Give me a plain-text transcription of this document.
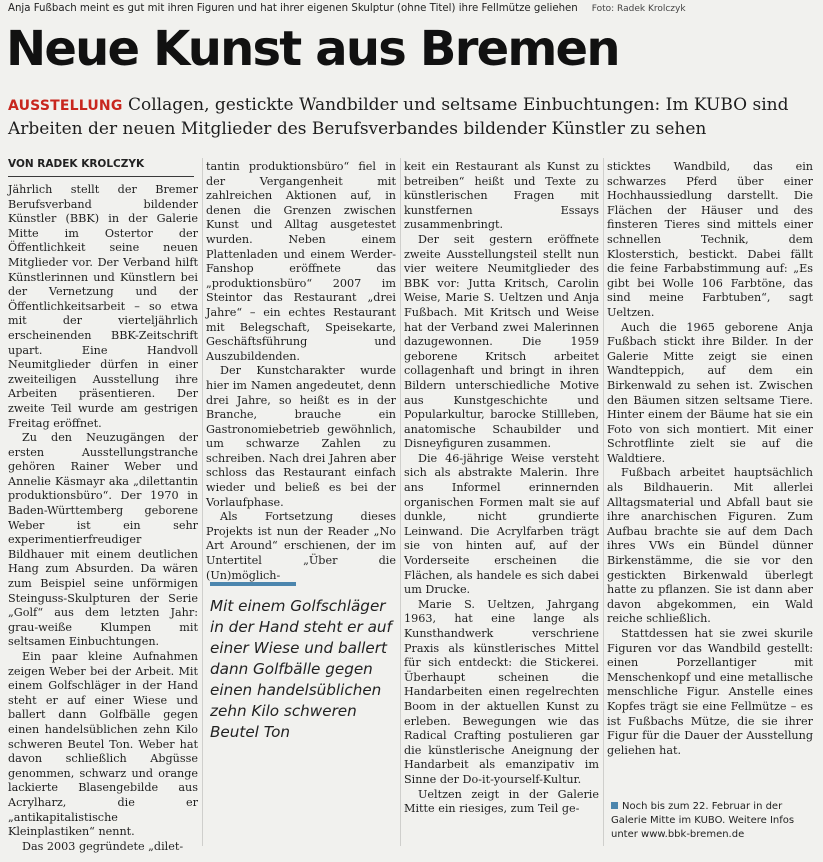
Anja Fußbach meint es gut mit ihren Figuren und hat ihrer eigenen Skulptur (ohne Titel) ihre Fellmütze geliehen Foto: Radek Krolczyk
Neue Kunst aus Bremen
AUSSTELLUNG Collagen, gestickte Wandbilder und seltsame Einbuchtungen: Im KUBO sind Arbeiten der neuen Mitglieder des Berufsverbandes bildender Künstler zu sehen
VON RADEK KROLCZYK

Jährlich stellt der Bremer Berufsverband bildender Künstler (BBK) in der Galerie Mitte im Ostertor der Öffentlichkeit seine neuen Mitglieder vor. Der Verband hilft Künstlerinnen und Künstlern bei der Vernetzung und der Öffentlichkeitsarbeit – so etwa mit der vierteljährlich erscheinenden BBK-Zeitschrift upart. Eine Handvoll Neumitglieder dürfen in einer zweiteiligen Ausstellung ihre Arbeiten präsentieren. Der zweite Teil wurde am gestrigen Freitag eröffnet.

Zu den Neuzugängen der ersten Ausstellungstranche gehören Rainer Weber und Annelie Käsmayr aka „dilettantin produktionsbüro“. Der 1970 in Baden-Württemberg geborene Weber ist ein sehr experimentierfreudiger Bildhauer mit einem deutlichen Hang zum Absurden. Da wären zum Beispiel seine unförmigen Steinguss-Skulpturen der Serie „Golf“ aus dem letzten Jahr: grau-weiße Klumpen mit seltsamen Einbuchtungen.

Ein paar kleine Aufnahmen zeigen Weber bei der Arbeit. Mit einem Golfschläger in der Hand steht er auf einer Wiese und ballert dann Golfbälle gegen einen handelsüblichen zehn Kilo schweren Beutel Ton. Weber hat davon schließlich Abgüsse genommen, schwarz und orange lackierte Blasengebilde aus Acrylharz, die er „antikapitalistische Kleinplastiken“ nennt.

Das 2003 gegründete „dilet-

tantin produktionsbüro“ fiel in der Vergangenheit mit zahlreichen Aktionen auf, in denen die Grenzen zwischen Kunst und Alltag ausgetestet wurden. Neben einem Plattenladen und einem Werder-Fanshop eröffnete das „produktionsbüro“ 2007 im Steintor das Restaurant „drei Jahre“ – ein echtes Restaurant mit Belegschaft, Speisekarte, Geschäftsführung und Auszubildenden.

Der Kunstcharakter wurde hier im Namen angedeutet, denn drei Jahre, so heißt es in der Branche, brauche ein Gastronomiebetrieb gewöhnlich, um schwarze Zahlen zu schreiben. Nach drei Jahren aber schloss das Restaurant einfach wieder und beließ es bei der Vorlaufphase.

Als Fortsetzung dieses Projekts ist nun der Reader „No Art Around“ erschienen, der im Untertitel „Über die (Un)möglich-

Mit einem Golfschläger in der Hand steht er auf einer Wiese und ballert dann Golfbälle gegen einen handelsüblichen zehn Kilo schweren Beutel Ton

keit ein Restaurant als Kunst zu betreiben“ heißt und Texte zu künstlerischen Fragen mit kunstfernen Essays zusammenbringt.

Der seit gestern eröffnete zweite Ausstellungsteil stellt nun vier weitere Neumitglieder des BBK vor: Jutta Kritsch, Carolin Weise, Marie S. Ueltzen und Anja Fußbach. Mit Kritsch und Weise hat der Verband zwei Malerinnen dazugewonnen. Die 1959 geborene Kritsch arbeitet collagenhaft und bringt in ihren Bildern unterschiedliche Motive aus Kunstgeschichte und Popularkultur, barocke Stillleben, anatomische Schaubilder und Disneyfiguren zusammen.

Die 46-jährige Weise versteht sich als abstrakte Malerin. Ihre ans Informel erinnernden organischen Formen malt sie auf dunkle, nicht grundierte Leinwand. Die Acrylfarben trägt sie von hinten auf, auf der Vorderseite erscheinen die Flächen, als handele es sich dabei um Drucke.

Marie S. Ueltzen, Jahrgang 1963, hat eine lange als Kunsthandwerk verschriene Praxis als künstlerisches Mittel für sich entdeckt: die Stickerei. Überhaupt scheinen die Handarbeiten einen regelrechten Boom in der aktuellen Kunst zu erleben. Bewegungen wie das Radical Crafting postulieren gar die künstlerische Aneignung der Handarbeit als emanzipativ im Sinne der Do-it-yourself-Kultur.

Ueltzen zeigt in der Galerie Mitte ein riesiges, zum Teil ge-

sticktes Wandbild, das ein schwarzes Pferd über einer Hochhaussiedlung darstellt. Die Flächen der Häuser und des finsteren Tieres sind mittels einer schnellen Technik, dem Klosterstich, bestickt. Dabei fällt die feine Farbabstimmung auf: „Es gibt bei Wolle 106 Farbtöne, das sind meine Farbtuben“, sagt Ueltzen.

Auch die 1965 geborene Anja Fußbach stickt ihre Bilder. In der Galerie Mitte zeigt sie einen Wandteppich, auf dem ein Birkenwald zu sehen ist. Zwischen den Bäumen sitzen seltsame Tiere. Hinter einem der Bäume hat sie ein Foto von sich montiert. Mit einer Schrotflinte zielt sie auf die Waldtiere.

Fußbach arbeitet hauptsächlich als Bildhauerin. Mit allerlei Alltagsmaterial und Abfall baut sie ihre anarchischen Figuren. Zum Aufbau brachte sie auf dem Dach ihres VWs ein Bündel dünner Birkenstämme, die sie vor den gestickten Birkenwald überlegt hatte zu pflanzen. Sie ist dann aber davon abgekommen, ein Wald reiche schließlich.

Stattdessen hat sie zwei skurile Figuren vor das Wandbild gestellt: einen Porzellantiger mit Menschenkopf und eine metallische menschliche Figur. Anstelle eines Kopfes trägt sie eine Fellmütze – es ist Fußbachs Mütze, die sie ihrer Figur für die Dauer der Ausstellung geliehen hat.

Noch bis zum 22. Februar in der Galerie Mitte im KUBO. Weitere Infos unter www.bbk-bremen.de
